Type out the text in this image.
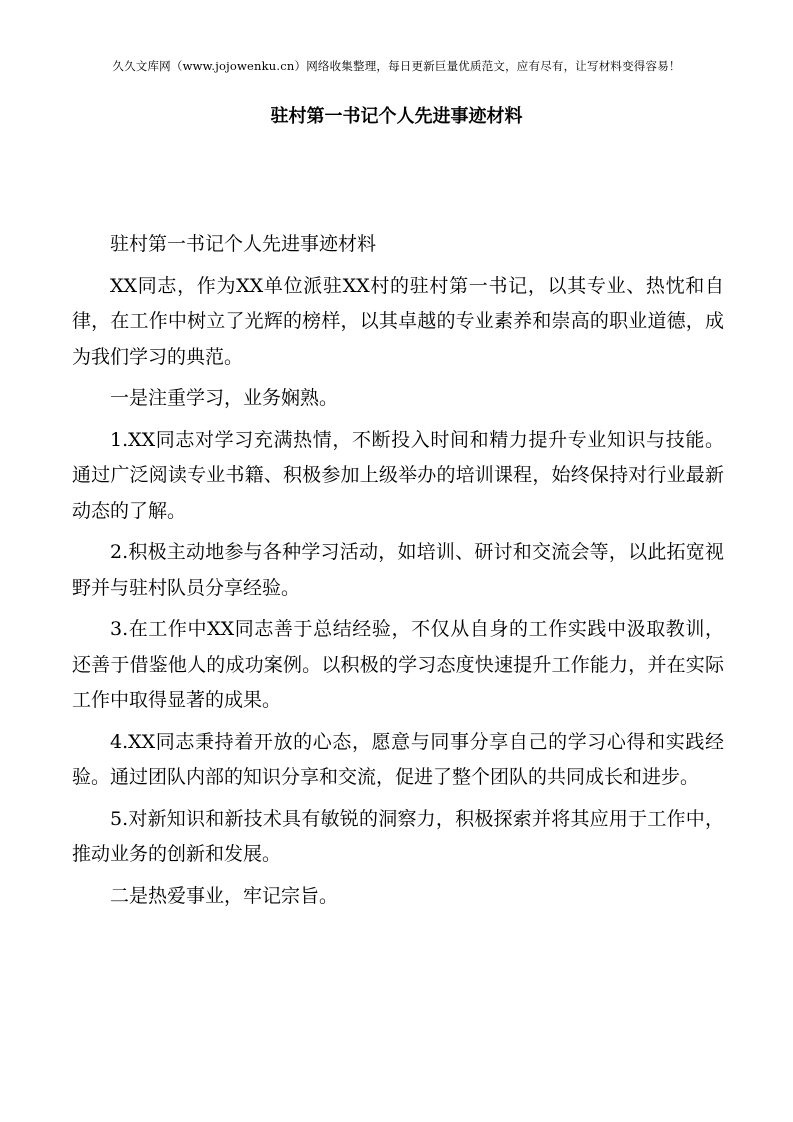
久久文库网（www.jojowenku.cn）网络收集整理，每日更新巨量优质范文，应有尽有，让写材料变得容易！
驻村第一书记个人先进事迹材料

驻村第一书记个人先进事迹材料

XX同志，作为XX单位派驻XX村的驻村第一书记，以其专业、热忱和自律，在工作中树立了光辉的榜样，以其卓越的专业素养和崇高的职业道德，成为我们学习的典范。

一是注重学习，业务娴熟。

1.XX同志对学习充满热情，不断投入时间和精力提升专业知识与技能。通过广泛阅读专业书籍、积极参加上级举办的培训课程，始终保持对行业最新动态的了解。

2.积极主动地参与各种学习活动，如培训、研讨和交流会等，以此拓宽视野并与驻村队员分享经验。

3.在工作中XX同志善于总结经验，不仅从自身的工作实践中汲取教训，还善于借鉴他人的成功案例。以积极的学习态度快速提升工作能力，并在实际工作中取得显著的成果。

4.XX同志秉持着开放的心态，愿意与同事分享自己的学习心得和实践经验。通过团队内部的知识分享和交流，促进了整个团队的共同成长和进步。

5.对新知识和新技术具有敏锐的洞察力，积极探索并将其应用于工作中，推动业务的创新和发展。

二是热爱事业，牢记宗旨。
